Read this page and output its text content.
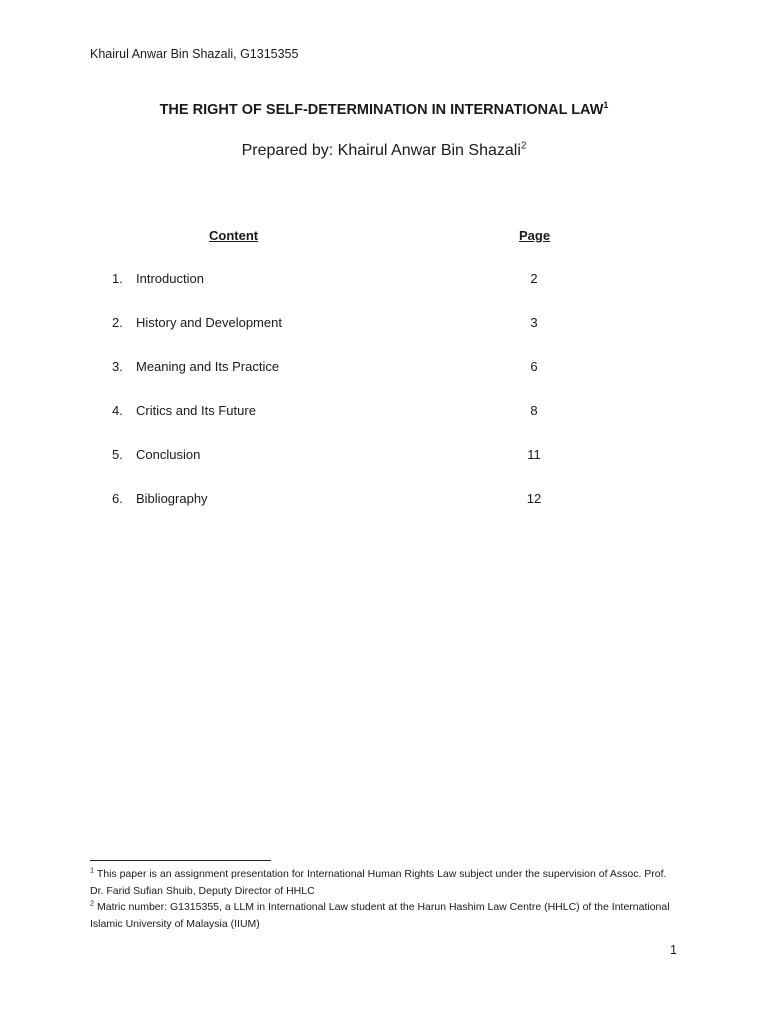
Khairul Anwar Bin Shazali, G1315355
THE RIGHT OF SELF-DETERMINATION IN INTERNATIONAL LAW$^1$
Prepared by: Khairul Anwar Bin Shazali$^2$
Content	Page
1. Introduction	2
2. History and Development	3
3. Meaning and Its Practice	6
4. Critics and Its Future	8
5. Conclusion	11
6. Bibliography	12
$^1$ This paper is an assignment presentation for International Human Rights Law subject under the supervision of Assoc. Prof. Dr. Farid Sufian Shuib, Deputy Director of HHLC
$^2$ Matric number: G1315355, a LLM in International Law student at the Harun Hashim Law Centre (HHLC) of the International Islamic University of Malaysia (IIUM)
1
